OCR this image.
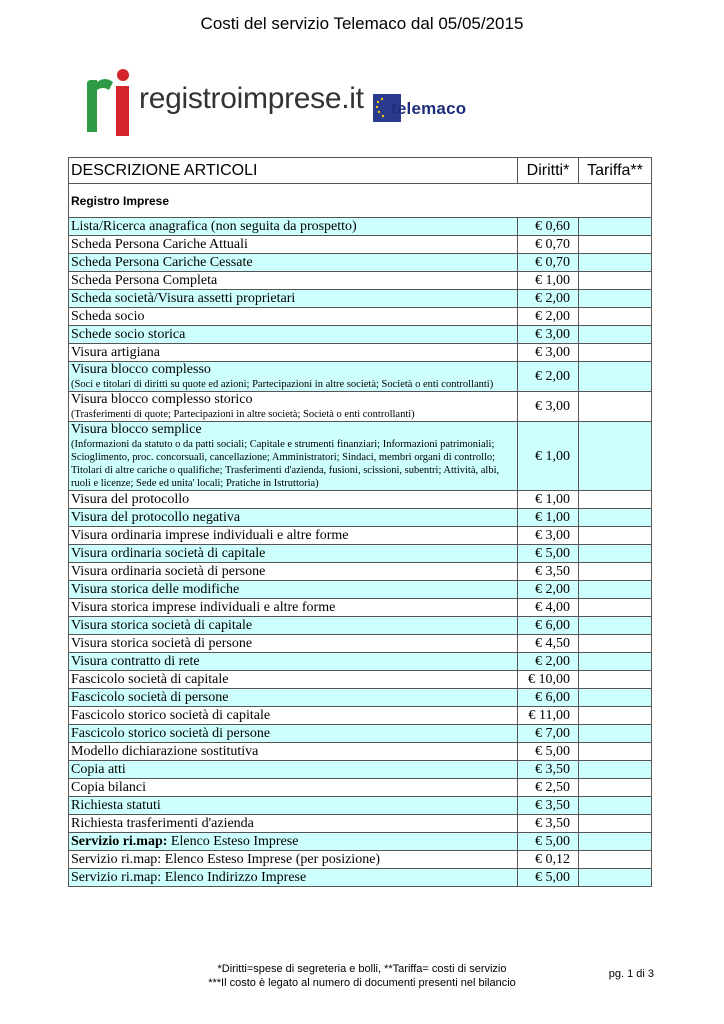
Costi del servizio Telemaco dal 05/05/2015
registroimprese.it telemaco
DESCRIZIONE ARTICOLI	Diritti*	Tariffa**
Registro Imprese		
Lista/Ricerca anagrafica (non seguita da prospetto)	€ 0,60	
Scheda Persona Cariche Attuali	€ 0,70	
Scheda Persona Cariche Cessate	€ 0,70	
Scheda Persona Completa	€ 1,00	
Scheda società/Visura assetti proprietari	€ 2,00	
Scheda socio	€ 2,00	
Schede socio storica	€ 3,00	
Visura artigiana	€ 3,00	

Visura blocco complesso
(Soci e titolari di diritti su quote ed azioni; Partecipazioni in altre società; Società o enti controllanti)	€ 2,00	

Visura blocco complesso storico
(Trasferimenti di quote; Partecipazioni in altre società; Società o enti controllanti)	€ 3,00	

Visura blocco semplice
(Informazioni da statuto o da patti sociali; Capitale e strumenti finanziari; Informazioni patrimoniali; Scioglimento, proc. concorsuali, cancellazione; Amministratori; Sindaci, membri organi di controllo; Titolari di altre cariche o qualifiche; Trasferimenti d'azienda, fusioni, scissioni, subentri; Attività, albi, ruoli e licenze; Sede ed unita' locali; Pratiche in Istruttoria)	€ 1,00	
Visura del protocollo	€ 1,00	
Visura del protocollo negativa	€ 1,00	
Visura ordinaria imprese individuali e altre forme	€ 3,00	
Visura ordinaria società di capitale	€ 5,00	
Visura ordinaria società di persone	€ 3,50	
Visura storica delle modifiche	€ 2,00	
Visura storica imprese individuali e altre forme	€ 4,00	
Visura storica società di capitale	€ 6,00	
Visura storica società di persone	€ 4,50	
Visura contratto di rete	€ 2,00	
Fascicolo società di capitale	€ 10,00	
Fascicolo società di persone	€ 6,00	
Fascicolo storico società di capitale	€ 11,00	
Fascicolo storico società di persone	€ 7,00	
Modello dichiarazione sostitutiva	€ 5,00	
Copia atti	€ 3,50	
Copia bilanci	€ 2,50	
Richiesta statuti	€ 3,50	
Richiesta trasferimenti d'azienda	€ 3,50	
Servizio ri.map: Elenco Esteso Imprese	€ 5,00	
Servizio ri.map: Elenco Esteso Imprese (per posizione)	€ 0,12	
Servizio ri.map: Elenco Indirizzo Imprese	€ 5,00	
*Diritti=spese di segreteria e bolli, **Tariffa= costi di servizio
***Il costo è legato al numero di documenti presenti nel bilancio
pg. 1 di 3
